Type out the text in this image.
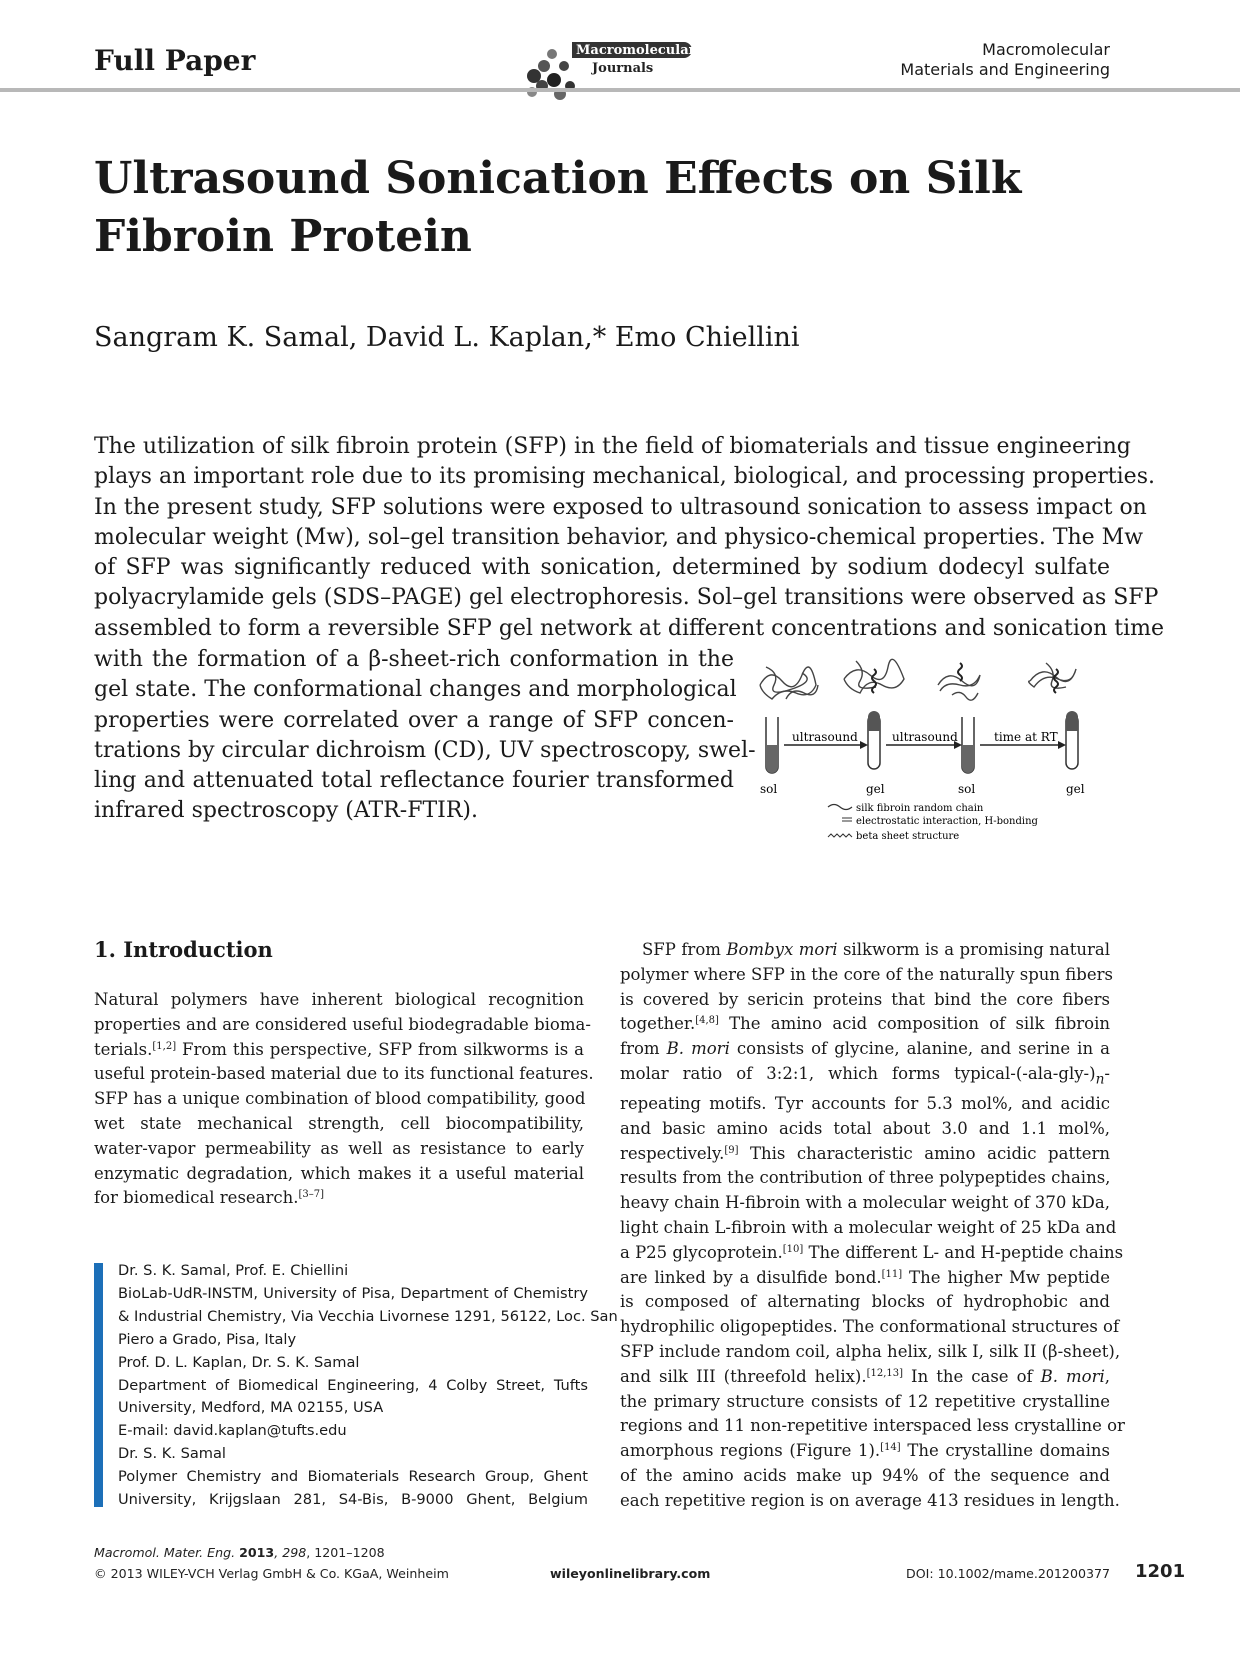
Full Paper	Macromolecular
Journals
Macromolecular
Materials and Engineering
Ultrasound Sonication Effects on Silk
Fibroin Protein
Sangram K. Samal, David L. Kaplan,* Emo Chiellini
The utilization of silk fibroin protein (SFP) in the field of biomaterials and tissue engineering
plays an important role due to its promising mechanical, biological, and processing properties.
In the present study, SFP solutions were exposed to ultrasound sonication to assess impact on
molecular weight (Mw), sol–gel transition behavior, and physico-chemical properties. The Mw
of SFP was significantly reduced with sonication, determined by sodium dodecyl sulfate
polyacrylamide gels (SDS–PAGE) gel electrophoresis. Sol–gel transitions were observed as SFP
assembled to form a reversible SFP gel network at different concentrations and sonication time
with the formation of a β-sheet-rich conformation in the
gel state. The conformational changes and morphological
properties were correlated over a range of SFP concen-
trations by circular dichroism (CD), UV spectroscopy, swel-
ling and attenuated total reflectance fourier transformed
infrared spectroscopy (ATR-FTIR).
ultrasound	ultrasound	time at RT
sol	gel	sol	gel
silk fibroin random chain
electrostatic interaction, H-bonding
beta sheet structure
1. Introduction
Natural polymers have inherent biological recognition
properties and are considered useful biodegradable bioma-
terials.[1,2] From this perspective, SFP from silkworms is a
useful protein-based material due to its functional features.
SFP has a unique combination of blood compatibility, good
wet state mechanical strength, cell biocompatibility,
water-vapor permeability as well as resistance to early
enzymatic degradation, which makes it a useful material
for biomedical research.[3–7]
Dr. S. K. Samal, Prof. E. Chiellini
BioLab-UdR-INSTM, University of Pisa, Department of Chemistry
& Industrial Chemistry, Via Vecchia Livornese 1291, 56122, Loc. San
Piero a Grado, Pisa, Italy
Prof. D. L. Kaplan, Dr. S. K. Samal
Department of Biomedical Engineering, 4 Colby Street, Tufts
University, Medford, MA 02155, USA
E-mail: david.kaplan@tufts.edu
Dr. S. K. Samal
Polymer Chemistry and Biomaterials Research Group, Ghent
University, Krijgslaan 281, S4-Bis, B-9000 Ghent, Belgium
SFP from Bombyx mori silkworm is a promising natural
polymer where SFP in the core of the naturally spun fibers
is covered by sericin proteins that bind the core fibers
together.[4,8] The amino acid composition of silk fibroin
from B. mori consists of glycine, alanine, and serine in a
molar ratio of 3:2:1, which forms typical-$(-ala-gly-)_n-$
repeating motifs. Tyr accounts for 5.3 mol%, and acidic
and basic amino acids total about 3.0 and 1.1 mol%,
respectively.[9] This characteristic amino acidic pattern
results from the contribution of three polypeptides chains,
heavy chain H-fibroin with a molecular weight of 370 kDa,
light chain L-fibroin with a molecular weight of 25 kDa and
a P25 glycoprotein.[10] The different L- and H-peptide chains
are linked by a disulfide bond.[11] The higher Mw peptide
is composed of alternating blocks of hydrophobic and
hydrophilic oligopeptides. The conformational structures of
SFP include random coil, alpha helix, silk I, silk II (β-sheet),
and silk III (threefold helix).[12,13] In the case of B. mori,
the primary structure consists of 12 repetitive crystalline
regions and 11 non-repetitive interspaced less crystalline or
amorphous regions (Figure 1).[14] The crystalline domains
of the amino acids make up 94% of the sequence and
each repetitive region is on average 413 residues in length.
Macromol. Mater. Eng. 2013, 298, 1201–1208
© 2013 WILEY-VCH Verlag GmbH & Co. KGaA, Weinheim	wileyonlinelibrary.com	DOI: 10.1002/mame.201200377 1201
